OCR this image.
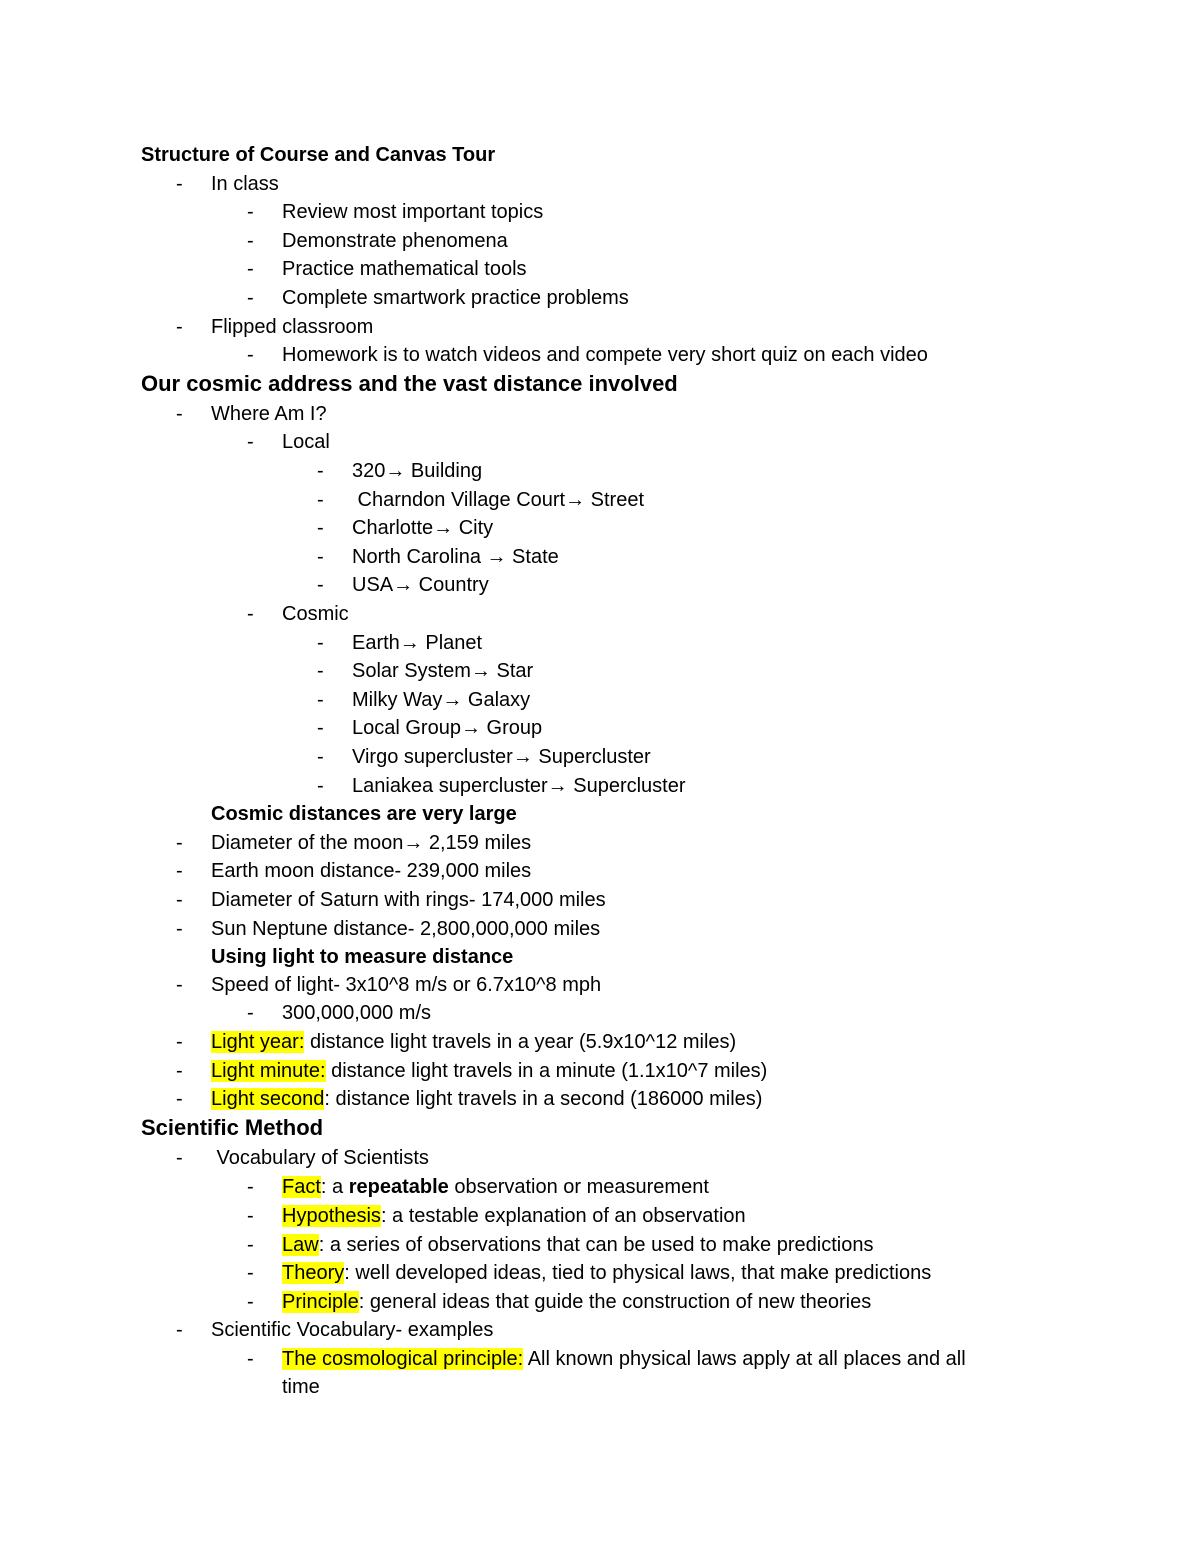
Structure of Course and Canvas Tour
- In class
- Review most important topics
- Demonstrate phenomena
- Practice mathematical tools
- Complete smartwork practice problems
- Flipped classroom
- Homework is to watch videos and compete very short quiz on each video
Our cosmic address and the vast distance involved
- Where Am I?
- Local
- 320→ Building
- Charndon Village Court→ Street
- Charlotte→ City
- North Carolina → State
- USA→ Country
- Cosmic
- Earth→ Planet
- Solar System→ Star
- Milky Way→ Galaxy
- Local Group→ Group
- Virgo supercluster→ Supercluster
- Laniakea supercluster→ Supercluster
Cosmic distances are very large
- Diameter of the moon→ 2,159 miles
- Earth moon distance- 239,000 miles
- Diameter of Saturn with rings- 174,000 miles
- Sun Neptune distance- 2,800,000,000 miles
Using light to measure distance
- Speed of light- 3x10^8 m/s or 6.7x10^8 mph
- 300,000,000 m/s
- Light year: distance light travels in a year (5.9x10^12 miles)
- Light minute: distance light travels in a minute (1.1x10^7 miles)
- Light second: distance light travels in a second (186000 miles)
Scientific Method
- Vocabulary of Scientists
- Fact: a repeatable observation or measurement
- Hypothesis: a testable explanation of an observation
- Law: a series of observations that can be used to make predictions
- Theory: well developed ideas, tied to physical laws, that make predictions
- Principle: general ideas that guide the construction of new theories
- Scientific Vocabulary- examples
- The cosmological principle: All known physical laws apply at all places and all
time
